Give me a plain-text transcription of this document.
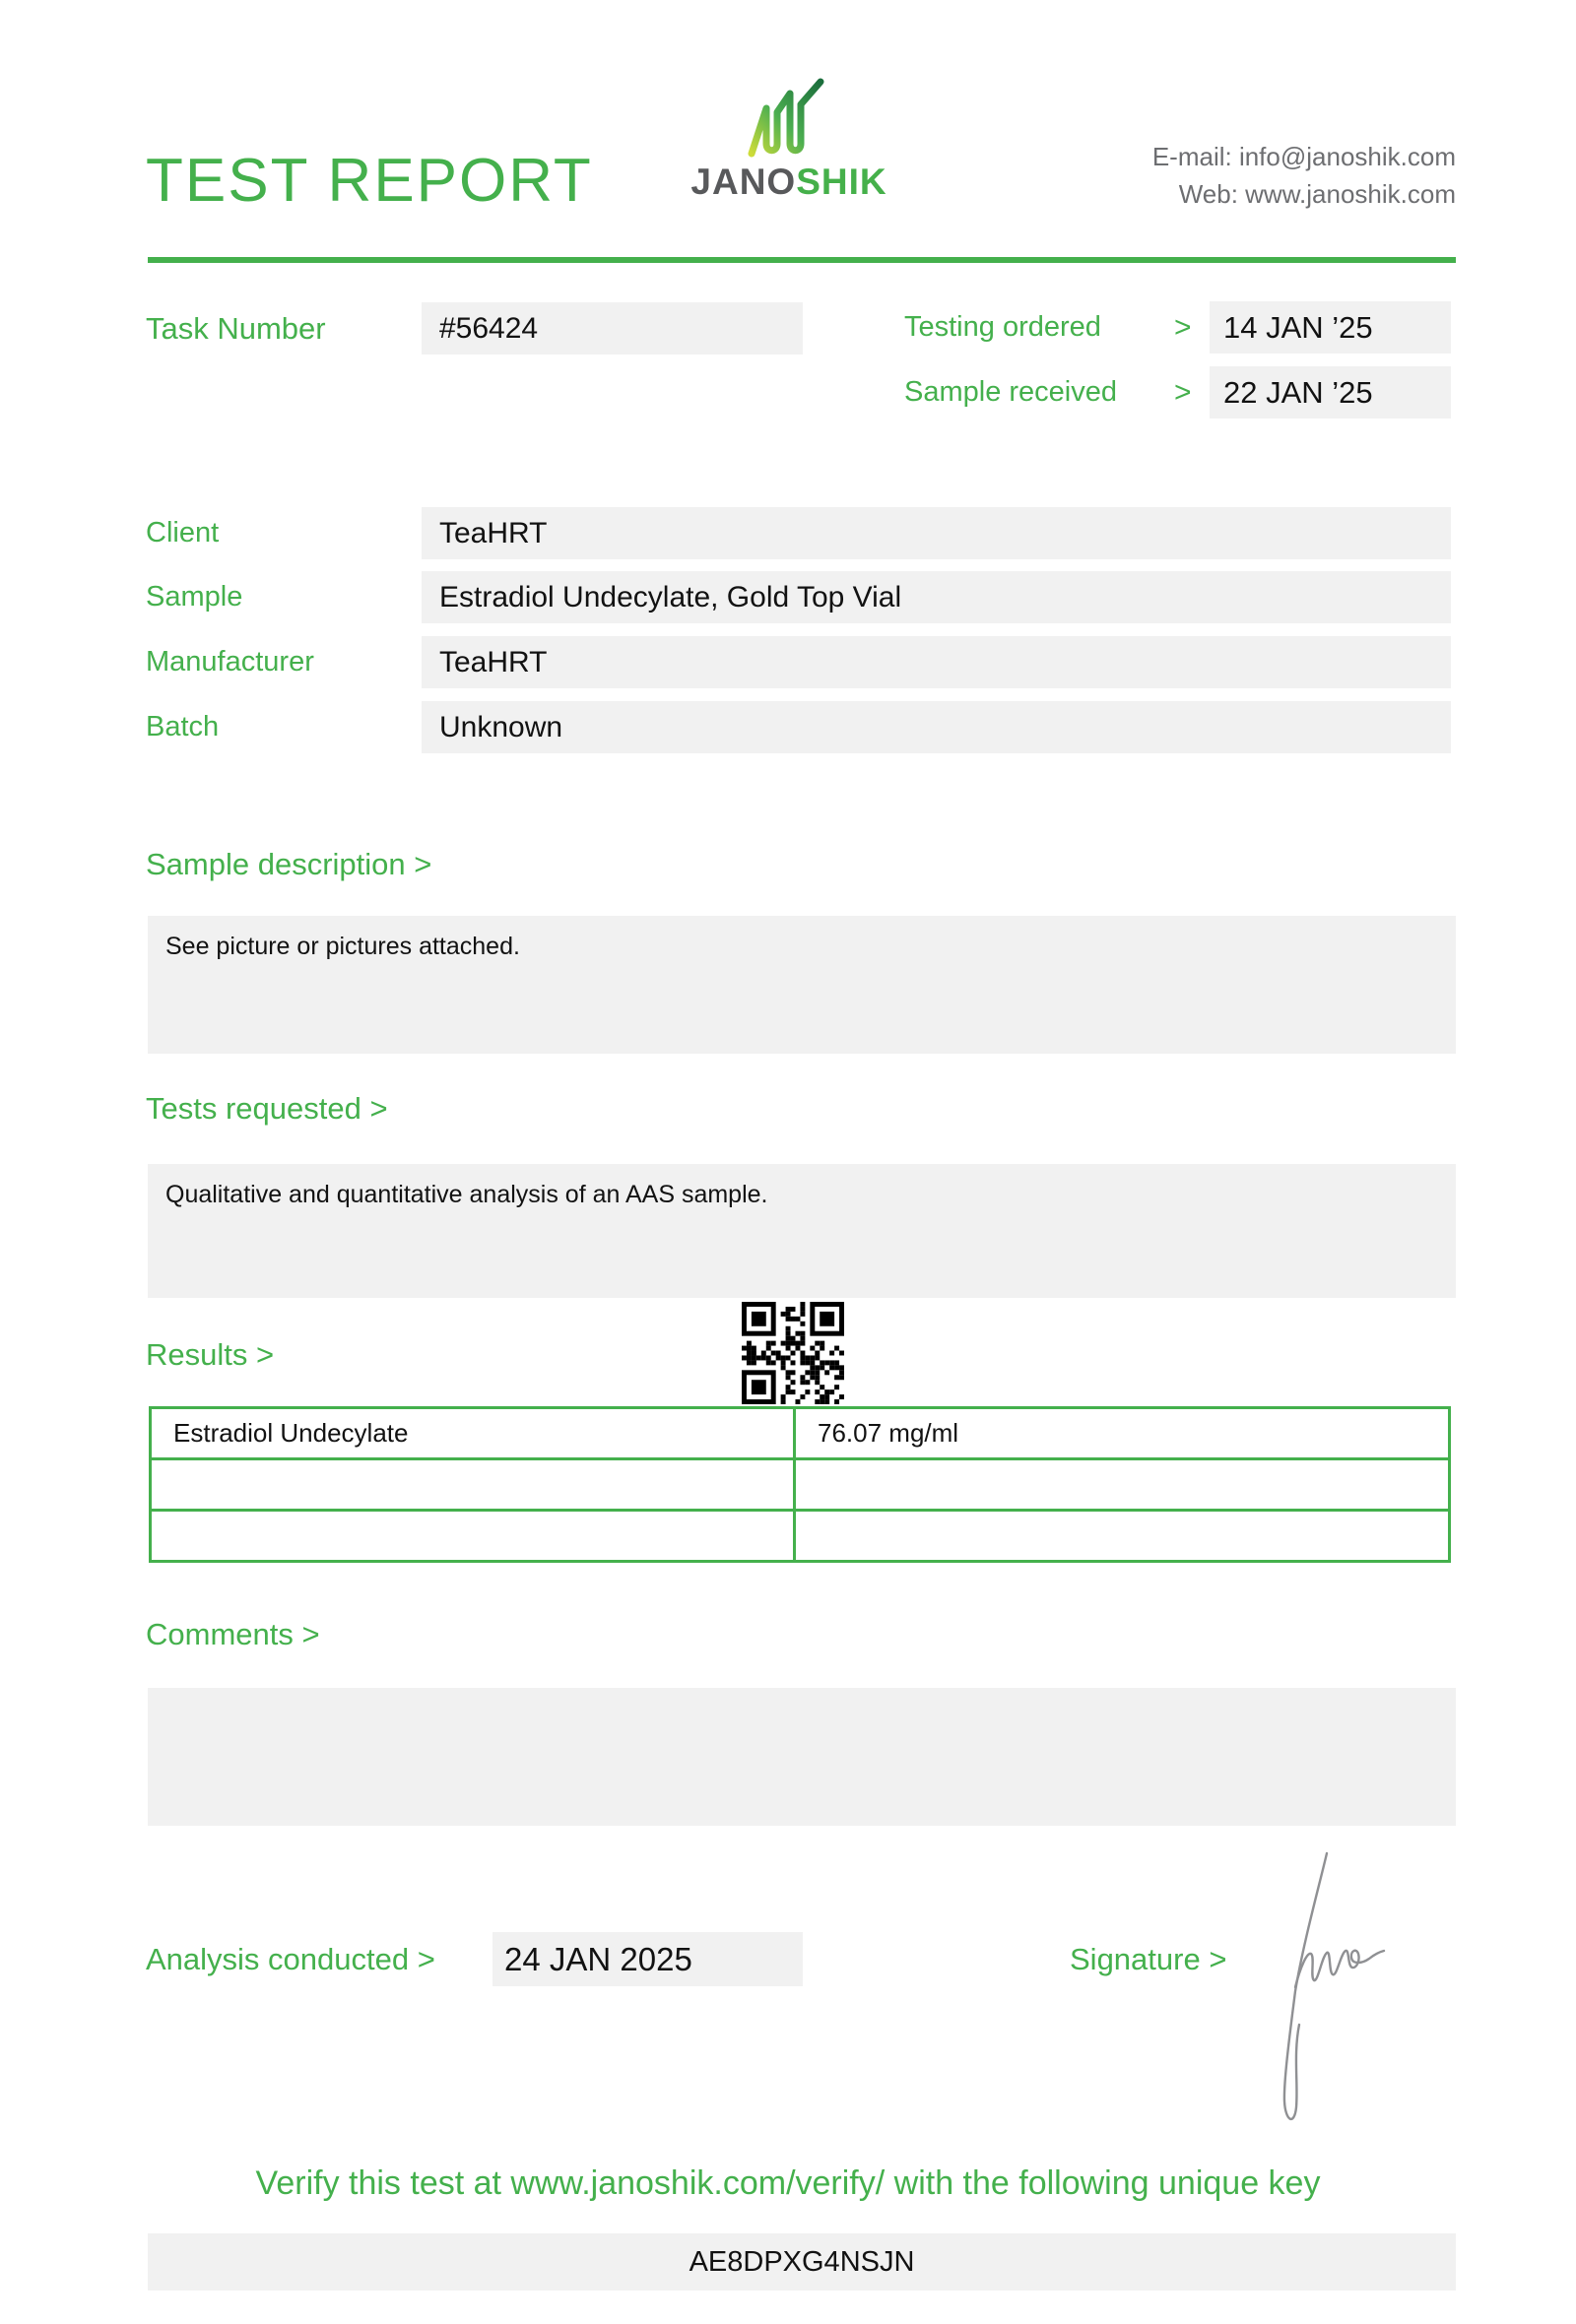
TEST REPORT	JANOSHIK
E-mail: info@janoshik.com
Web: www.janoshik.com
Task Number	#56424	Testing ordered >	14 JAN ’25
Sample received >	22 JAN ’25
Client	TeaHRT
Sample	Estradiol Undecylate, Gold Top Vial
Manufacturer	TeaHRT
Batch	Unknown
Sample description >
See picture or pictures attached.
Tests requested >
Qualitative and quantitative analysis of an AAS sample.
Results >
Estradiol Undecylate	76.07 mg/ml

Comments >
Analysis conducted >	24 JAN 2025	Signature >
Verify this test at www.janoshik.com/verify/ with the following unique key
AE8DPXG4NSJN
